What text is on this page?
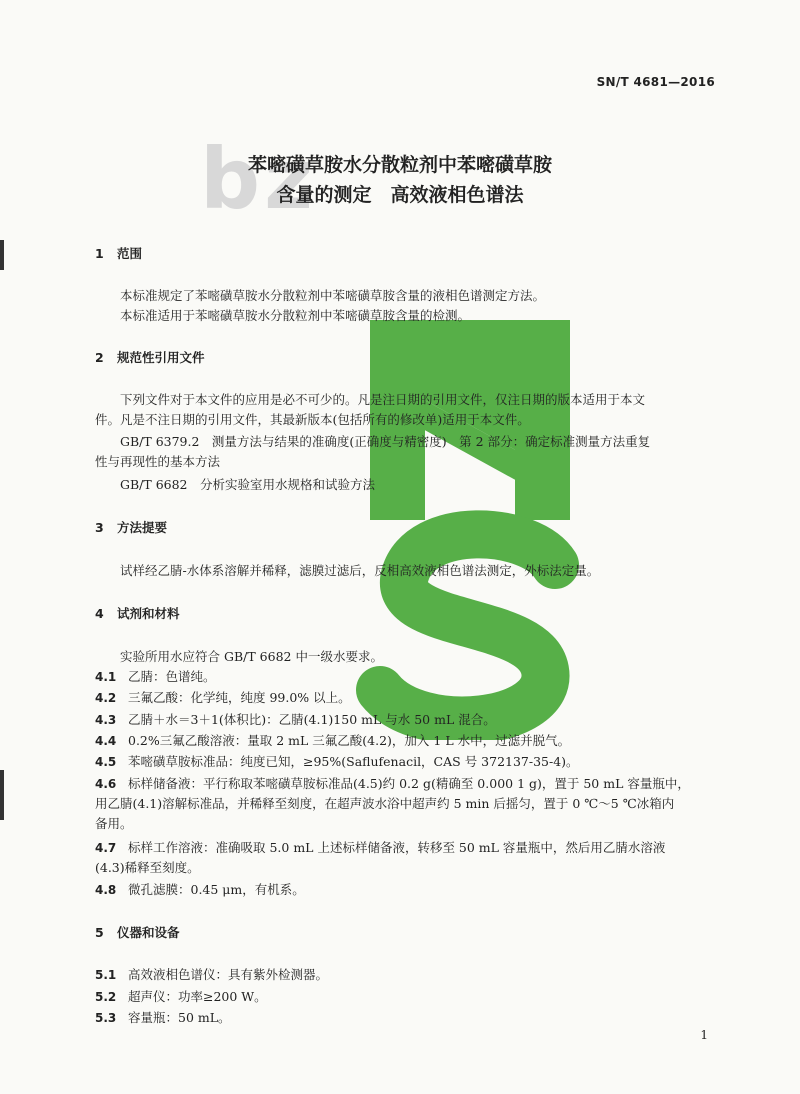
SN/T 4681—2016
bz
苯嘧磺草胺水分散粒剂中苯嘧磺草胺
含量的测定　高效液相色谱法
1 范围
本标准规定了苯嘧磺草胺水分散粒剂中苯嘧磺草胺含量的液相色谱测定方法。
本标准适用于苯嘧磺草胺水分散粒剂中苯嘧磺草胺含量的检测。
2 规范性引用文件
下列文件对于本文件的应用是必不可少的。凡是注日期的引用文件，仅注日期的版本适用于本文
件。凡是不注日期的引用文件，其最新版本(包括所有的修改单)适用于本文件。
GB/T 6379.2　测量方法与结果的准确度(正确度与精密度)　第 2 部分：确定标准测量方法重复
性与再现性的基本方法
GB/T 6682　分析实验室用水规格和试验方法
3 方法提要
试样经乙腈-水体系溶解并稀释，滤膜过滤后，反相高效液相色谱法测定，外标法定量。
4 试剂和材料
实验所用水应符合 GB/T 6682 中一级水要求。
4.1 乙腈：色谱纯。
4.2 三氟乙酸：化学纯，纯度 99.0% 以上。
4.3 乙腈＋水＝3＋1(体积比)：乙腈(4.1)150 mL 与水 50 mL 混合。
4.4 0.2%三氟乙酸溶液：量取 2 mL 三氟乙酸(4.2)，加入 1 L 水中，过滤并脱气。
4.5 苯嘧磺草胺标准品：纯度已知，≥95%(Saflufenacil，CAS 号 372137-35-4)。
4.6 标样储备液：平行称取苯嘧磺草胺标准品(4.5)约 0.2 g(精确至 0.000 1 g)，置于 50 mL 容量瓶中，
用乙腈(4.1)溶解标准品，并稀释至刻度，在超声波水浴中超声约 5 min 后摇匀，置于 0 ℃～5 ℃冰箱内
备用。
4.7 标样工作溶液：准确吸取 5.0 mL 上述标样储备液，转移至 50 mL 容量瓶中，然后用乙腈水溶液
(4.3)稀释至刻度。
4.8 微孔滤膜：0.45 μm，有机系。
5 仪器和设备
5.1 高效液相色谱仪：具有紫外检测器。
5.2 超声仪：功率≥200 W。
5.3 容量瓶：50 mL。
1
